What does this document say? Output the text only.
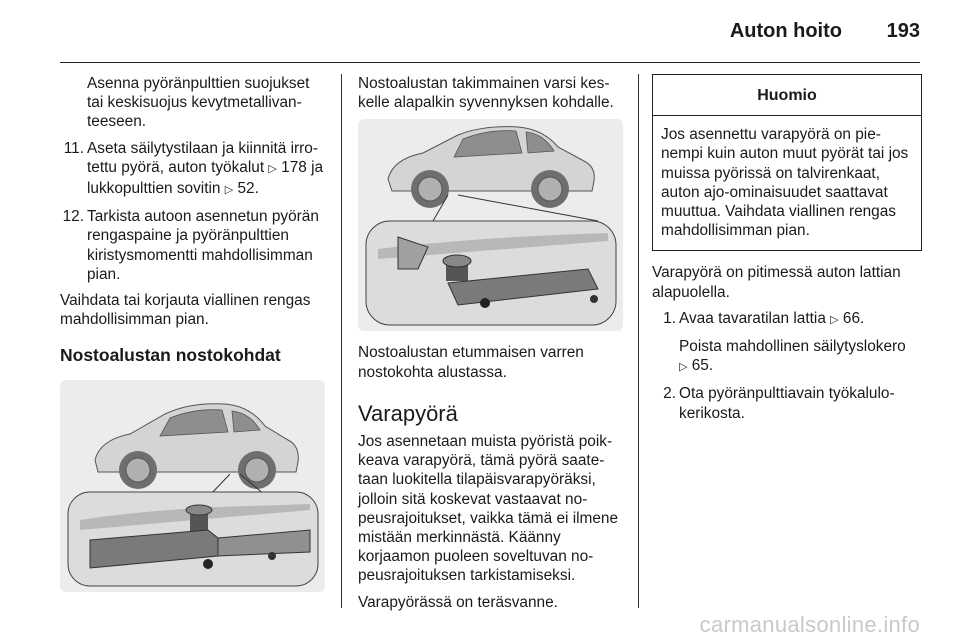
Auton hoito 193

Asenna pyöränpulttien suojukset tai keskisuojus kevytmetallivanteeseen.

11. Aseta säilytystilaan ja kiinnitä irrotettu pyörä, auton työkalut ▷ 178 ja lukkopulttien sovitin ▷ 52.
12. Tarkista autoon asennetun pyörän rengaspaine ja pyöränpulttien kiristysmomentti mahdollisimman pian.

Vaihdata tai korjauta viallinen rengas mahdollisimman pian.

Nostoalustan nostokohdat

Nostoalustan takimmainen varsi keskelle alapalkin syvennyksen kohdalle.

Nostoalustan etummaisen varren nostokohta alustassa.

Varapyörä

Jos asennetaan muista pyöristä poikkeava varapyörä, tämä pyörä saatetaan luokitella tilapäisvarapyöräksi, jolloin sitä koskevat vastaavat nopeusrajoitukset, vaikka tämä ei ilmene mistään merkinnästä. Käänny korjaamon puoleen soveltuvan nopeusrajoituksen tarkistamiseksi.

Varapyörässä on teräsvanne.

Huomio
Jos asennettu varapyörä on pienempi kuin auton muut pyörät tai jos muissa pyörissä on talvirenkaat, auton ajo-ominaisuudet saattavat muuttua. Vaihdata viallinen rengas mahdollisimman pian.

Varapyörä on pitimessä auton lattian alapuolella.

1. Avaa tavaratilan lattia ▷ 66.
Poista mahdollinen säilytyslokero
▷ 65.
2. Ota pyöränpulttiavain työkalulokerikosta.
carmanualsonline.info
